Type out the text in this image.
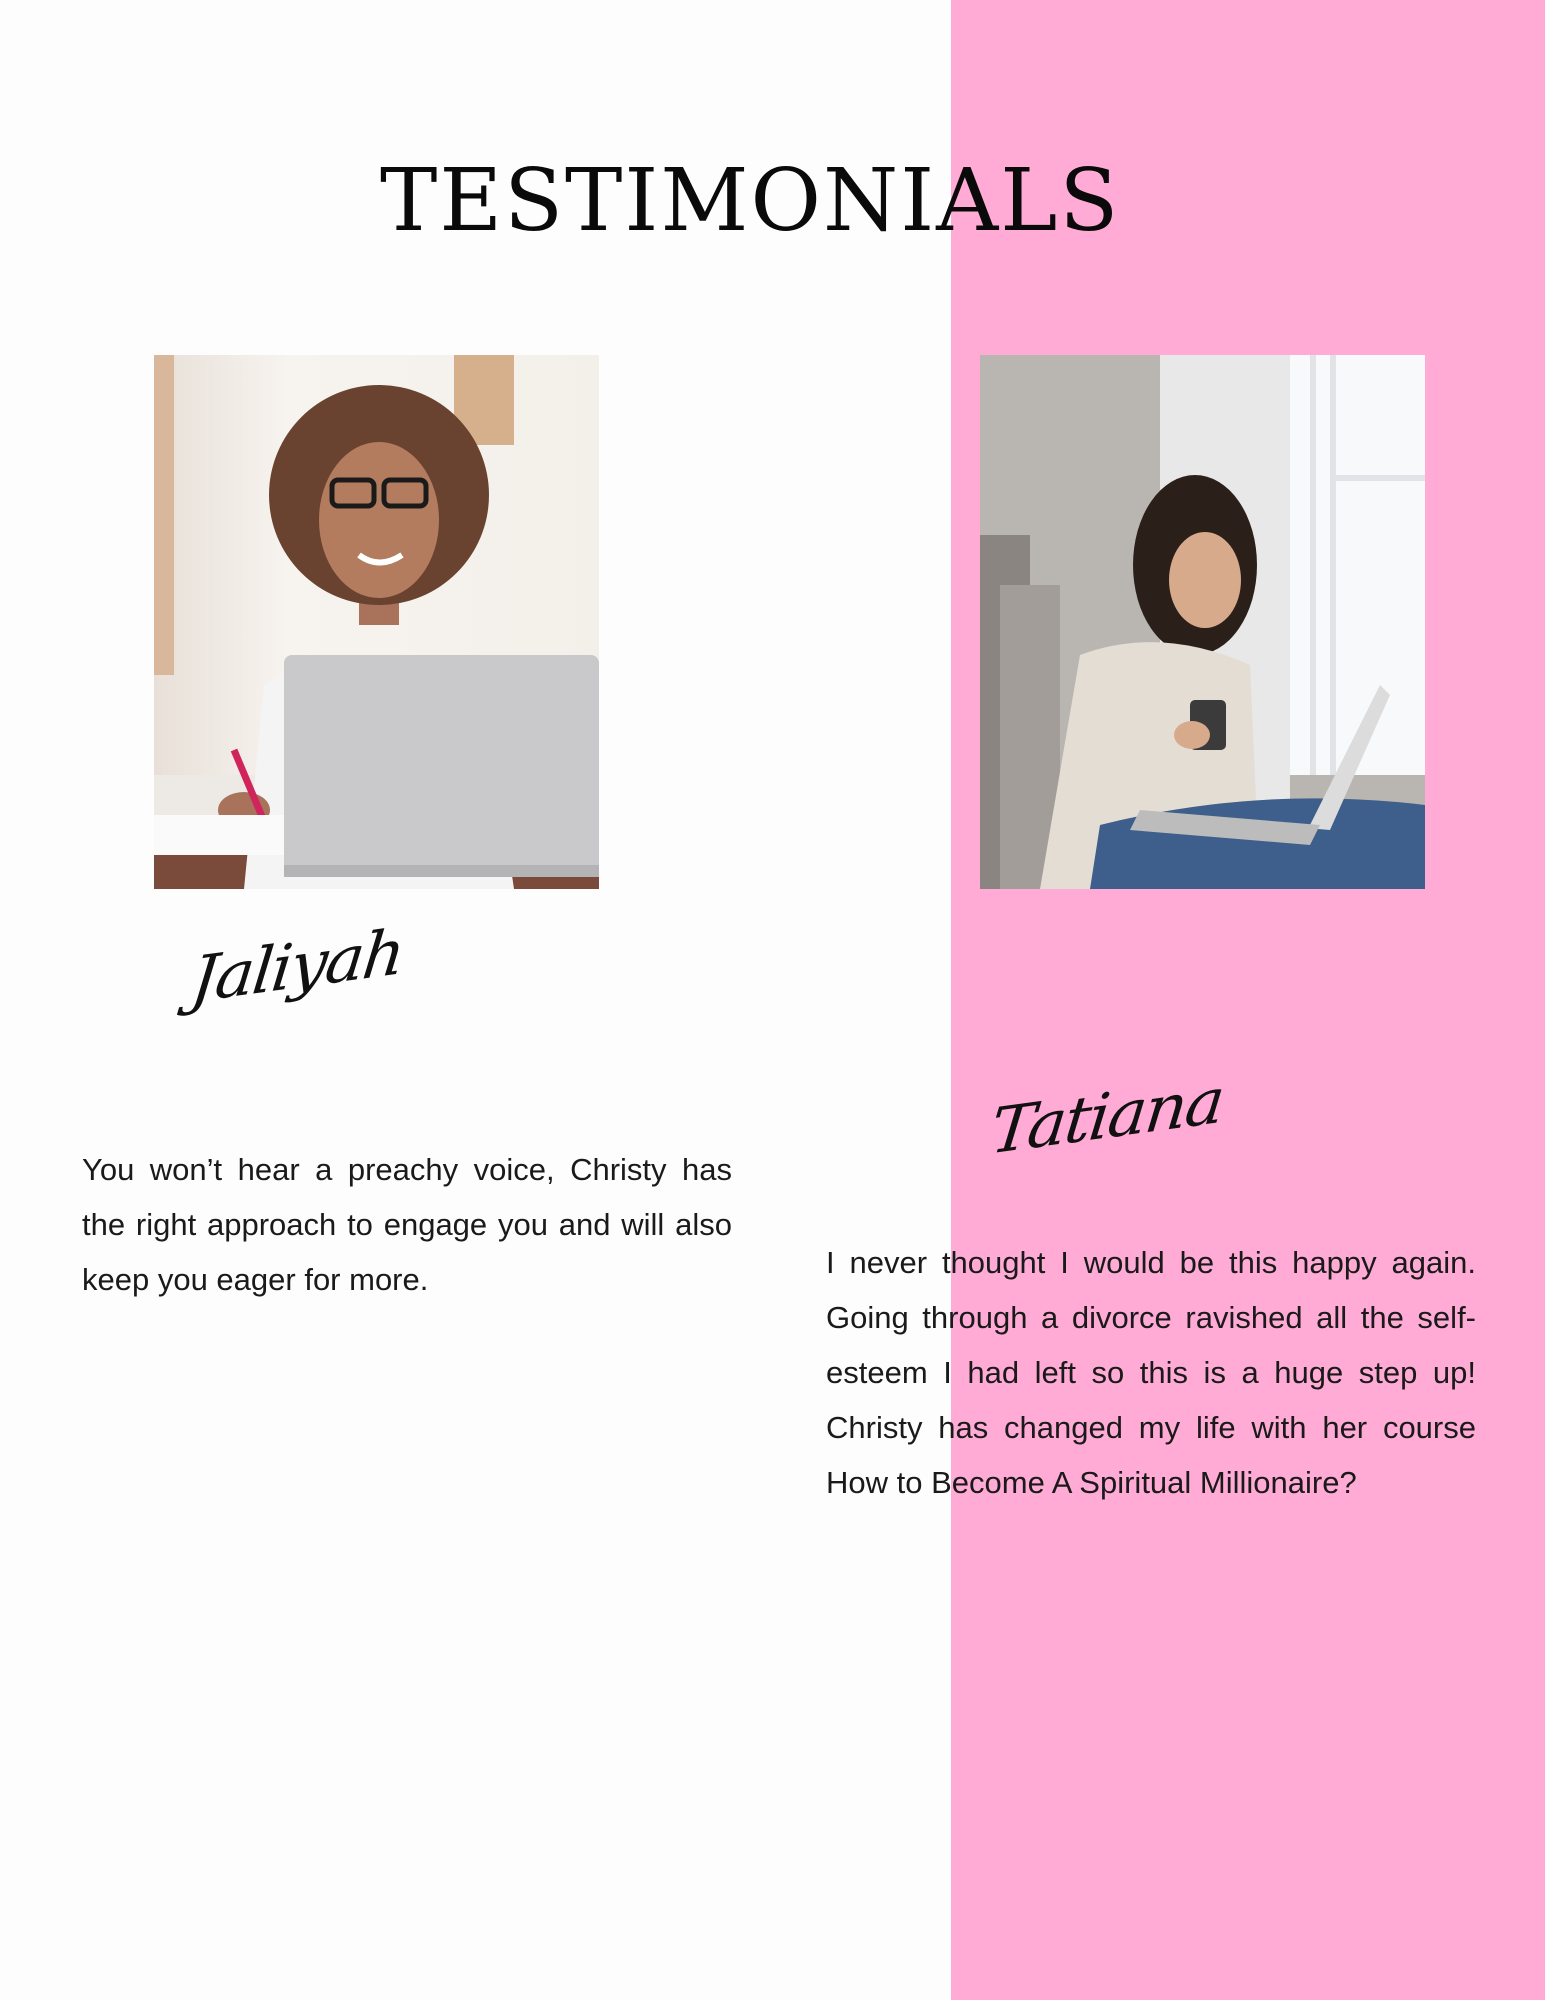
TESTIMONIALS
Jaliyah

You won’t hear a preachy voice, Christy has the right approach to engage you and will also keep you eager for more.

Tatiana

I never thought I would be this happy again. Going through a divorce ravished all the self-esteem I had left so this is a huge step up! Christy has changed my life with her course How to Become A Spiritual Millionaire?
